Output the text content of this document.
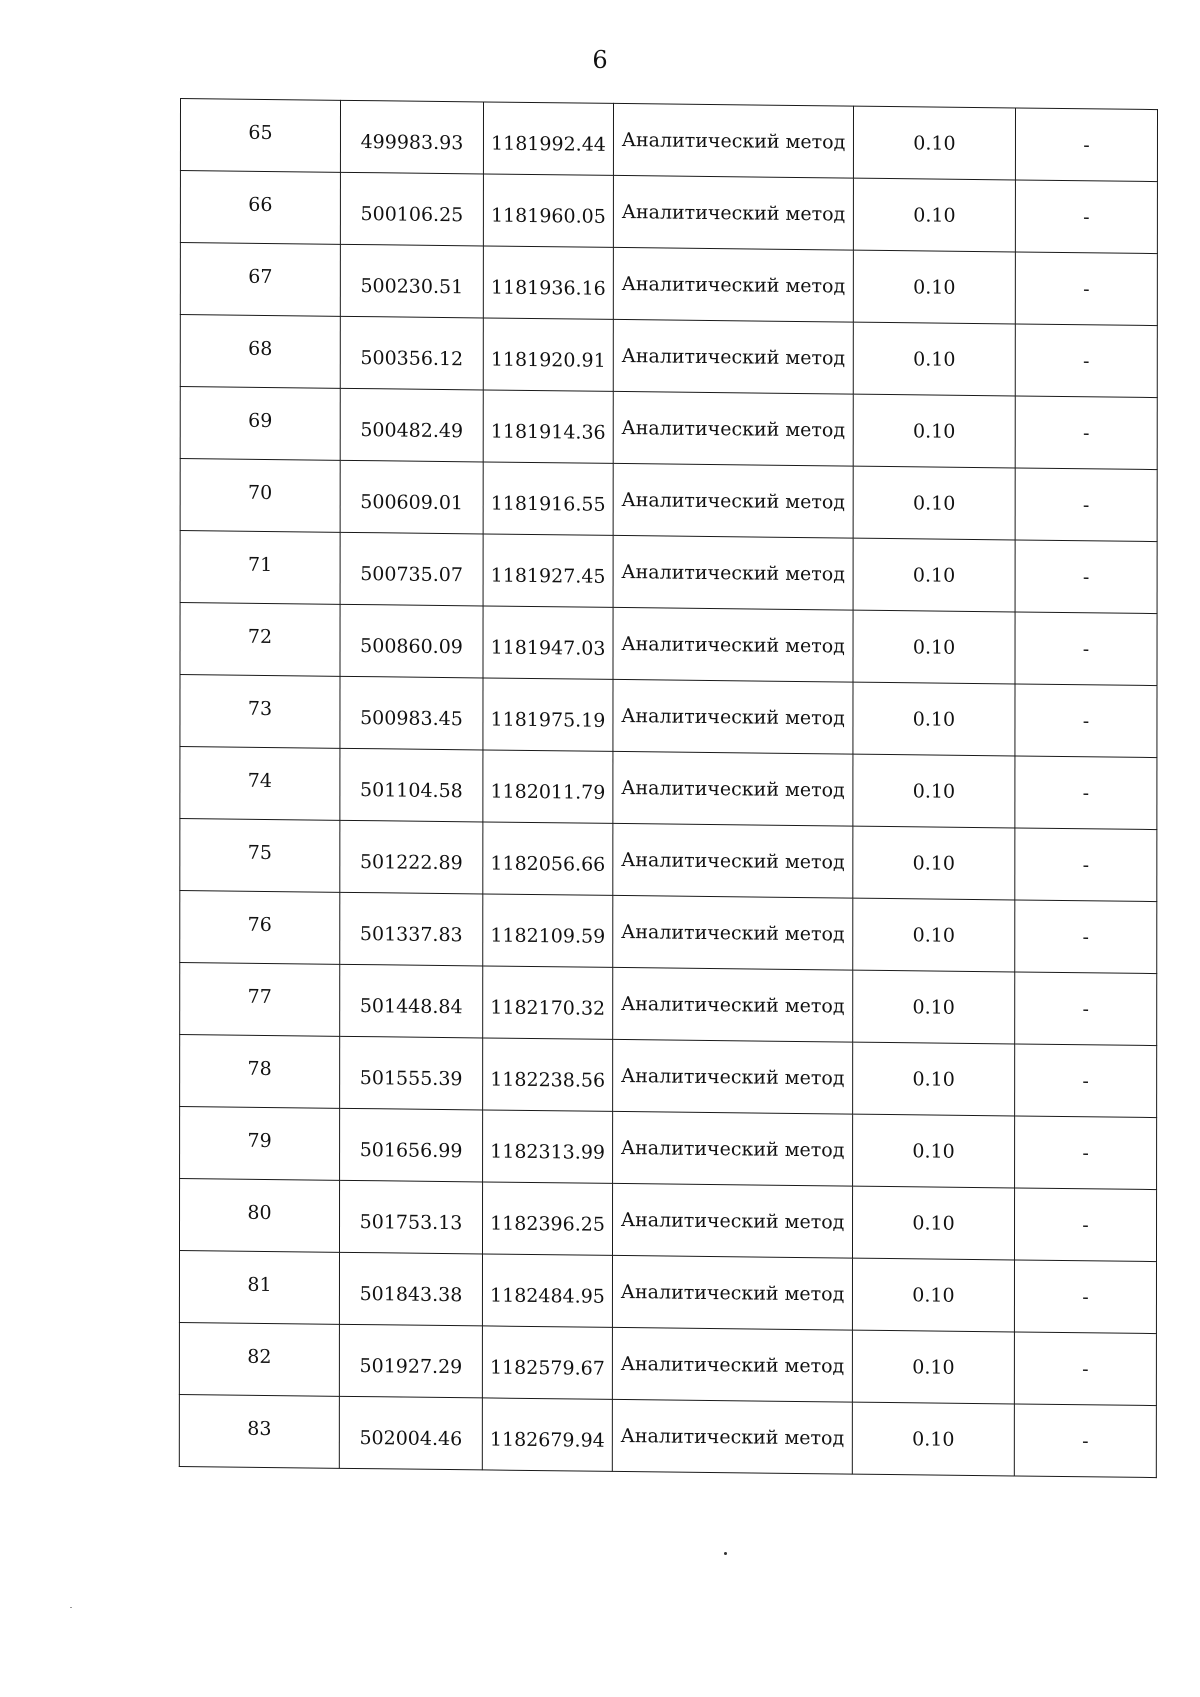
6
65	499983.93	1181992.44	Аналитический метод	0.10	-
66	500106.25	1181960.05	Аналитический метод	0.10	-
67	500230.51	1181936.16	Аналитический метод	0.10	-
68	500356.12	1181920.91	Аналитический метод	0.10	-
69	500482.49	1181914.36	Аналитический метод	0.10	-
70	500609.01	1181916.55	Аналитический метод	0.10	-
71	500735.07	1181927.45	Аналитический метод	0.10	-
72	500860.09	1181947.03	Аналитический метод	0.10	-
73	500983.45	1181975.19	Аналитический метод	0.10	-
74	501104.58	1182011.79	Аналитический метод	0.10	-
75	501222.89	1182056.66	Аналитический метод	0.10	-
76	501337.83	1182109.59	Аналитический метод	0.10	-
77	501448.84	1182170.32	Аналитический метод	0.10	-
78	501555.39	1182238.56	Аналитический метод	0.10	-
79	501656.99	1182313.99	Аналитический метод	0.10	-
80	501753.13	1182396.25	Аналитический метод	0.10	-
81	501843.38	1182484.95	Аналитический метод	0.10	-
82	501927.29	1182579.67	Аналитический метод	0.10	-
83	502004.46	1182679.94	Аналитический метод	0.10	-
